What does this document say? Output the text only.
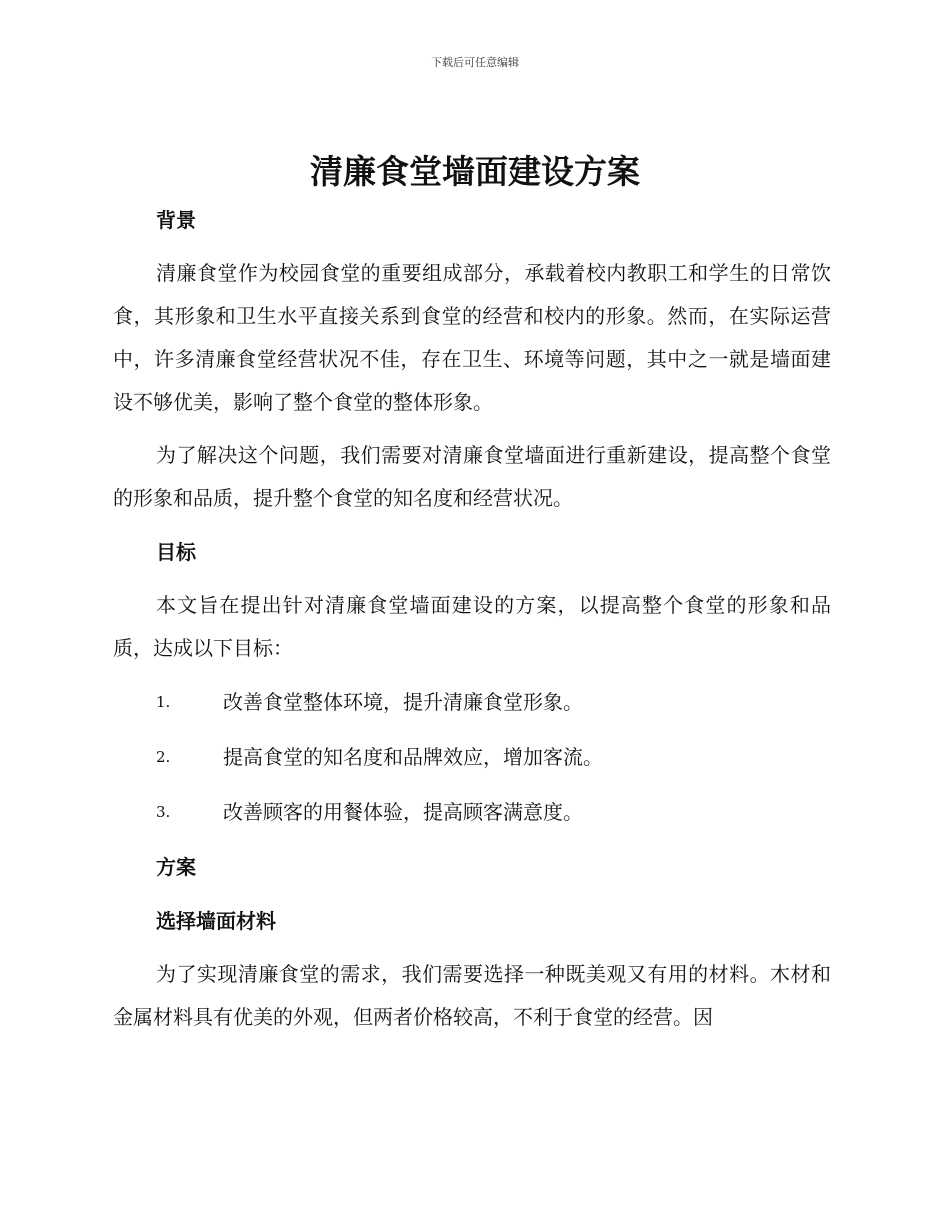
下载后可任意编辑
清廉食堂墙面建设方案
背景

清廉食堂作为校园食堂的重要组成部分，承载着校内教职工和学生的日常饮食，其形象和卫生水平直接关系到食堂的经营和校内的形象。然而，在实际运营中，许多清廉食堂经营状况不佳，存在卫生、环境等问题，其中之一就是墙面建设不够优美，影响了整个食堂的整体形象。

为了解决这个问题，我们需要对清廉食堂墙面进行重新建设，提高整个食堂的形象和品质，提升整个食堂的知名度和经营状况。

目标

本文旨在提出针对清廉食堂墙面建设的方案，以提高整个食堂的形象和品质，达成以下目标：

1.	改善食堂整体环境，提升清廉食堂形象。
2.	提高食堂的知名度和品牌效应，增加客流。
3.	改善顾客的用餐体验，提高顾客满意度。
方案
选择墙面材料

为了实现清廉食堂的需求，我们需要选择一种既美观又有用的材料。木材和金属材料具有优美的外观，但两者价格较高，不利于食堂的经营。因
